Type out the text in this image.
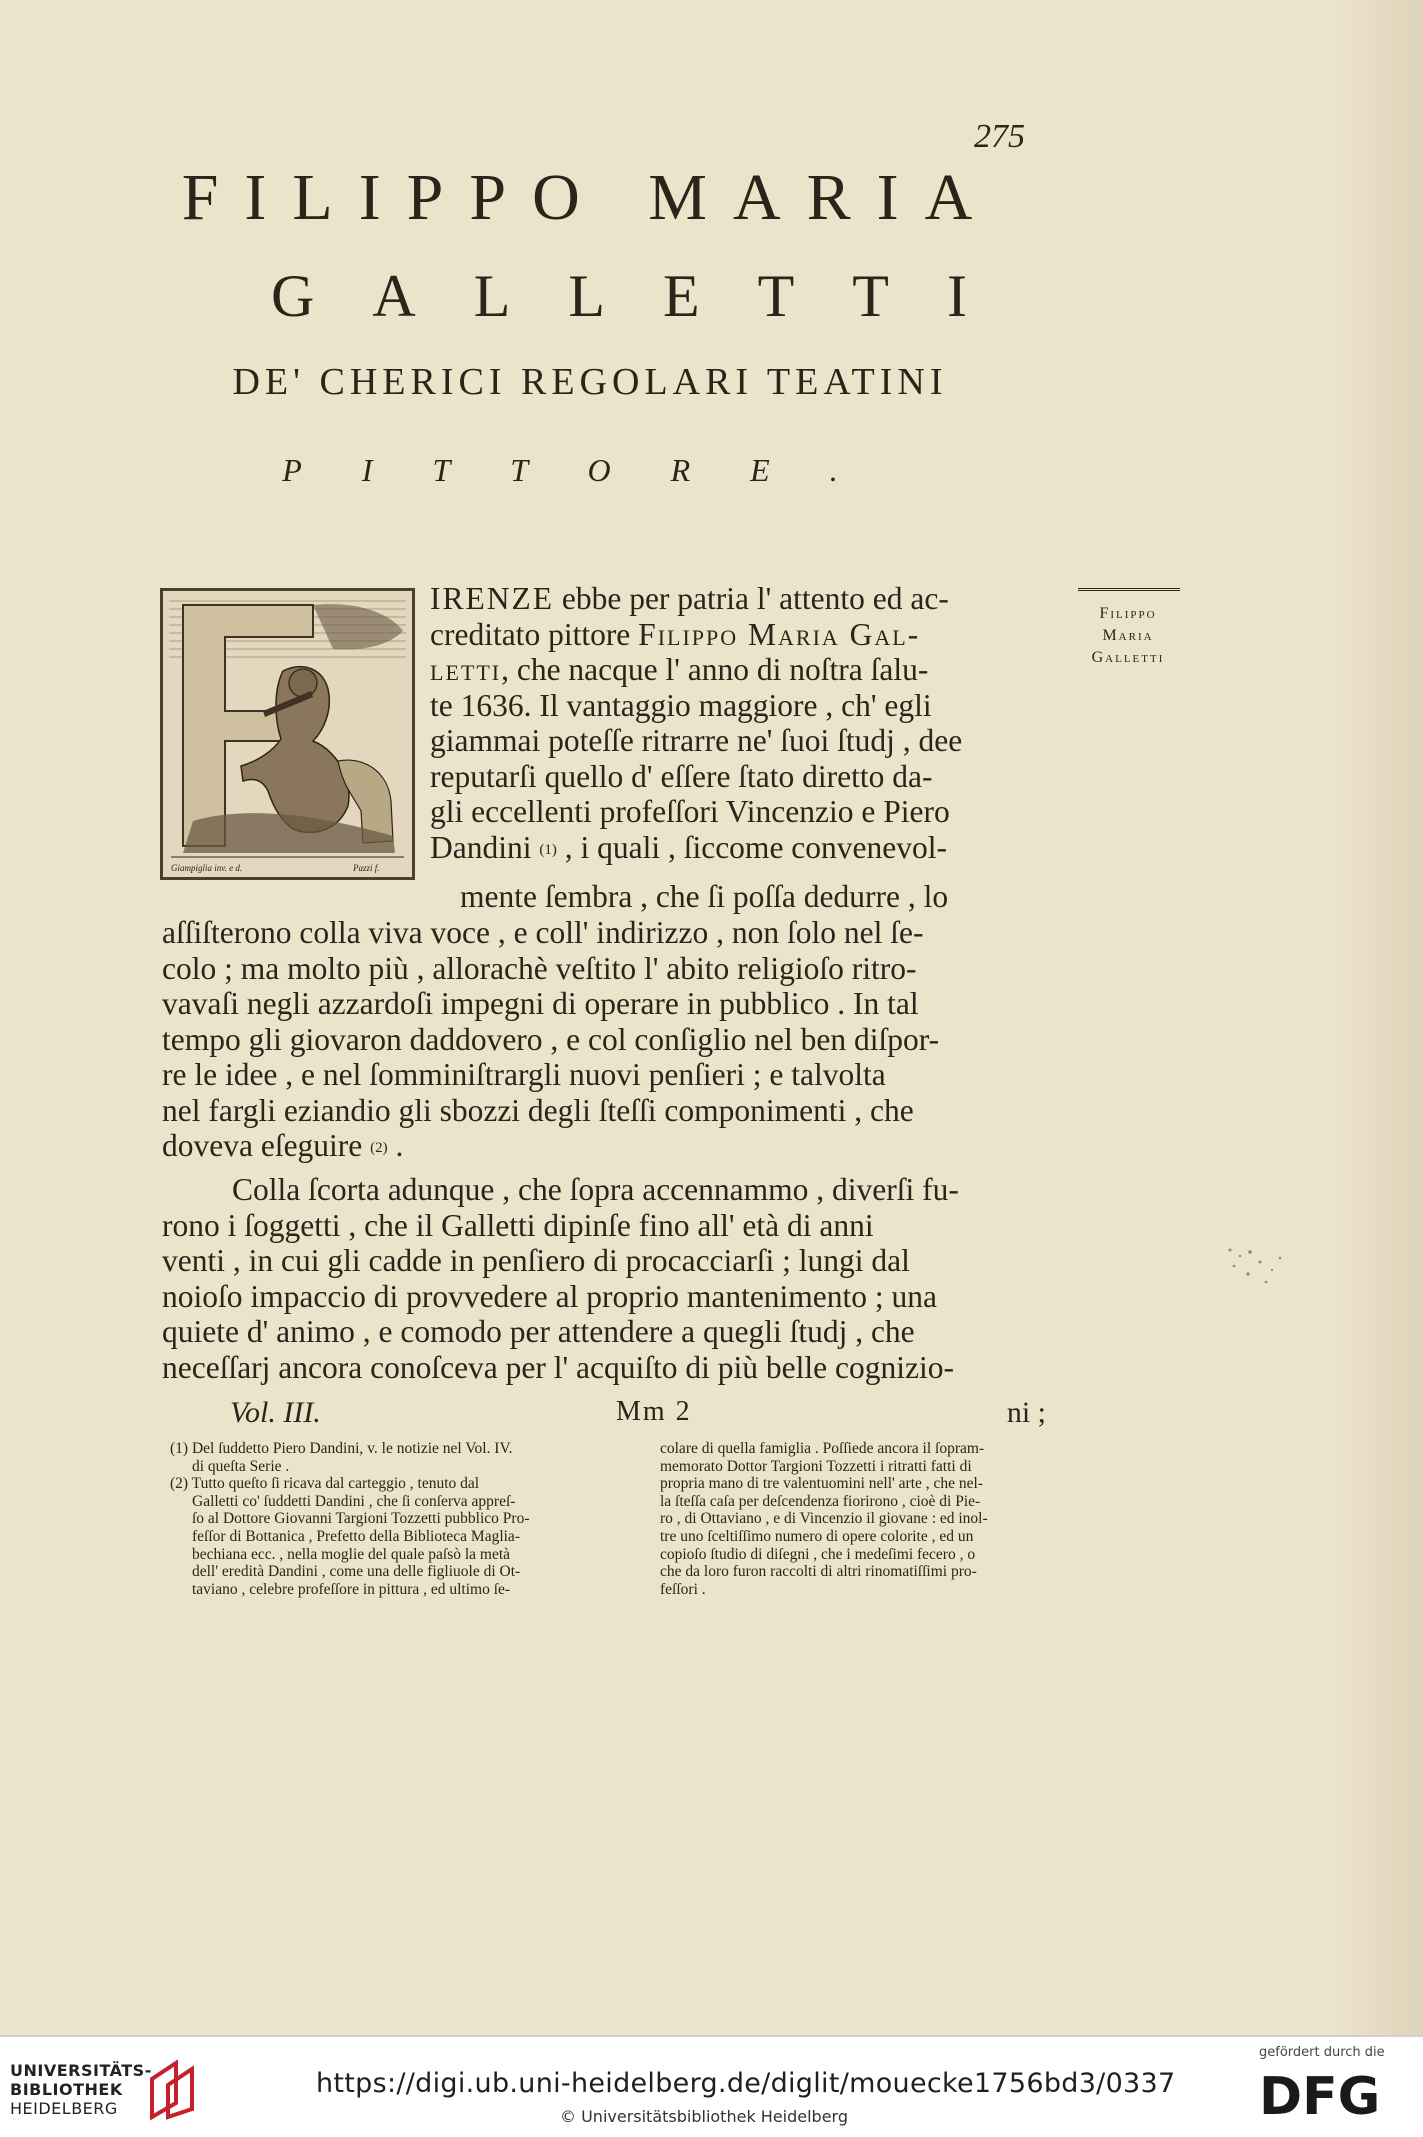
275
FILIPPO MARIA
GALLETTI
DE' CHERICI REGOLARI TEATINI
PITTORE.
Giampiglia inv. e d.	Pazzi f.
Filippo
Maria
Galletti
IRENZE ebbe per patria l' attento ed ac-
creditato pittore Filippo Maria Gal-
letti, che nacque l' anno di noſtra ſalu-
te 1636. Il vantaggio maggiore , ch' egli
giammai poteſſe ritrarre ne' ſuoi ſtudj , dee
reputarſi quello d' eſſere ſtato diretto da-
gli eccellenti profeſſori Vincenzio e Piero
Dandini (1) , i quali , ſiccome convenevol-
mente ſembra , che ſi poſſa dedurre , lo
aſſiſterono colla viva voce , e coll' indirizzo , non ſolo nel ſe-
colo ; ma molto più , allorachè veſtito l' abito religioſo ritro-
vavaſi negli azzardoſi impegni di operare in pubblico . In tal
tempo gli giovaron daddovero , e col conſiglio nel ben diſpor-
re le idee , e nel ſomminiſtrargli nuovi penſieri ; e talvolta
nel fargli eziandio gli sbozzi degli ſteſſi componimenti , che
doveva eſeguire (2) .
Colla ſcorta adunque , che ſopra accennammo , diverſi fu-
rono i ſoggetti , che il Galletti dipinſe fino all' età di anni
venti , in cui gli cadde in penſiero di procacciarſi ; lungi dal
noioſo impaccio di provvedere al proprio mantenimento ; una
quiete d' animo , e comodo per attendere a quegli ſtudj , che
neceſſarj ancora conoſceva per l' acquiſto di più belle cognizio-
Vol. III.	Mm 2	ni ;
(1) Del ſuddetto Piero Dandini, v. le notizie nel Vol. IV.
di queſta Serie .
(2) Tutto queſto ſi ricava dal carteggio , tenuto dal
Galletti co' ſuddetti Dandini , che ſi conſerva appreſ-
ſo al Dottore Giovanni Targioni Tozzetti pubblico Pro-
feſſor di Bottanica , Prefetto della Biblioteca Maglia-
bechiana ecc. , nella moglie del quale paſsò la metà
dell' eredità Dandini , come una delle figliuole di Ot-
taviano , celebre profeſſore in pittura , ed ultimo ſe-
colare di quella famiglia . Poſſiede ancora il ſopram-
memorato Dottor Targioni Tozzetti i ritratti fatti di
propria mano di tre valentuomini nell' arte , che nel-
la ſteſſa caſa per deſcendenza fiorirono , cioè di Pie-
ro , di Ottaviano , e di Vincenzio il giovane : ed inol-
tre uno ſceltiſſimo numero di opere colorite , ed un
copioſo ſtudio di diſegni , che i medeſimi fecero , o
che da loro furon raccolti di altri rinomatiſſimi pro-
feſſori .
UNIVERSITÄTS-
BIBLIOTHEK
HEIDELBERG
https://digi.ub.uni-heidelberg.de/diglit/mouecke1756bd3/0337
© Universitätsbibliothek Heidelberg
gefördert durch die
DFG
